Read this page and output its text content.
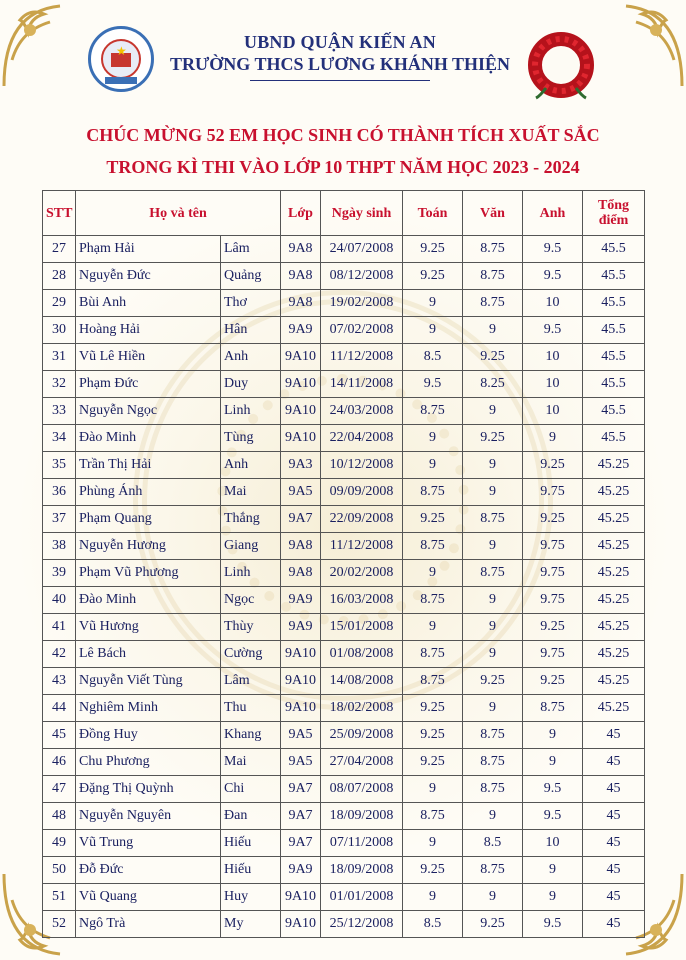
★	UBND QUẬN KIẾN AN
TRƯỜNG THCS LƯƠNG KHÁNH THIỆN
CHÚC MỪNG 52 EM HỌC SINH CÓ THÀNH TÍCH XUẤT SẮC
TRONG KÌ THI VÀO LỚP 10 THPT NĂM HỌC 2023 - 2024
STT	Họ và tên		Lớp	Ngày sinh	Toán	Văn	Anh	Tổng
điểm
27	Phạm Hải	Lâm	9A8	24/07/2008	9.25	8.75	9.5	45.5
28	Nguyễn Đức	Quảng	9A8	08/12/2008	9.25	8.75	9.5	45.5
29	Bùi Anh	Thơ	9A8	19/02/2008	9	8.75	10	45.5
30	Hoàng Hải	Hân	9A9	07/02/2008	9	9	9.5	45.5
31	Vũ Lê Hiền	Anh	9A10	11/12/2008	8.5	9.25	10	45.5
32	Phạm Đức	Duy	9A10	14/11/2008	9.5	8.25	10	45.5
33	Nguyễn Ngọc	Linh	9A10	24/03/2008	8.75	9	10	45.5
34	Đào Minh	Tùng	9A10	22/04/2008	9	9.25	9	45.5
35	Trần Thị Hải	Anh	9A3	10/12/2008	9	9	9.25	45.25
36	Phùng Ánh	Mai	9A5	09/09/2008	8.75	9	9.75	45.25
37	Phạm Quang	Thắng	9A7	22/09/2008	9.25	8.75	9.25	45.25
38	Nguyễn Hương	Giang	9A8	11/12/2008	8.75	9	9.75	45.25
39	Phạm Vũ Phương	Linh	9A8	20/02/2008	9	8.75	9.75	45.25
40	Đào Minh	Ngọc	9A9	16/03/2008	8.75	9	9.75	45.25
41	Vũ Hương	Thùy	9A9	15/01/2008	9	9	9.25	45.25
42	Lê Bách	Cường	9A10	01/08/2008	8.75	9	9.75	45.25
43	Nguyễn Viết Tùng	Lâm	9A10	14/08/2008	8.75	9.25	9.25	45.25
44	Nghiêm Minh	Thu	9A10	18/02/2008	9.25	9	8.75	45.25
45	Đồng Huy	Khang	9A5	25/09/2008	9.25	8.75	9	45
46	Chu Phương	Mai	9A5	27/04/2008	9.25	8.75	9	45
47	Đặng Thị Quỳnh	Chi	9A7	08/07/2008	9	8.75	9.5	45
48	Nguyễn Nguyên	Đan	9A7	18/09/2008	8.75	9	9.5	45
49	Vũ Trung	Hiếu	9A7	07/11/2008	9	8.5	10	45
50	Đỗ Đức	Hiếu	9A9	18/09/2008	9.25	8.75	9	45
51	Vũ Quang	Huy	9A10	01/01/2008	9	9	9	45
52	Ngô Trà	My	9A10	25/12/2008	8.5	9.25	9.5	45
